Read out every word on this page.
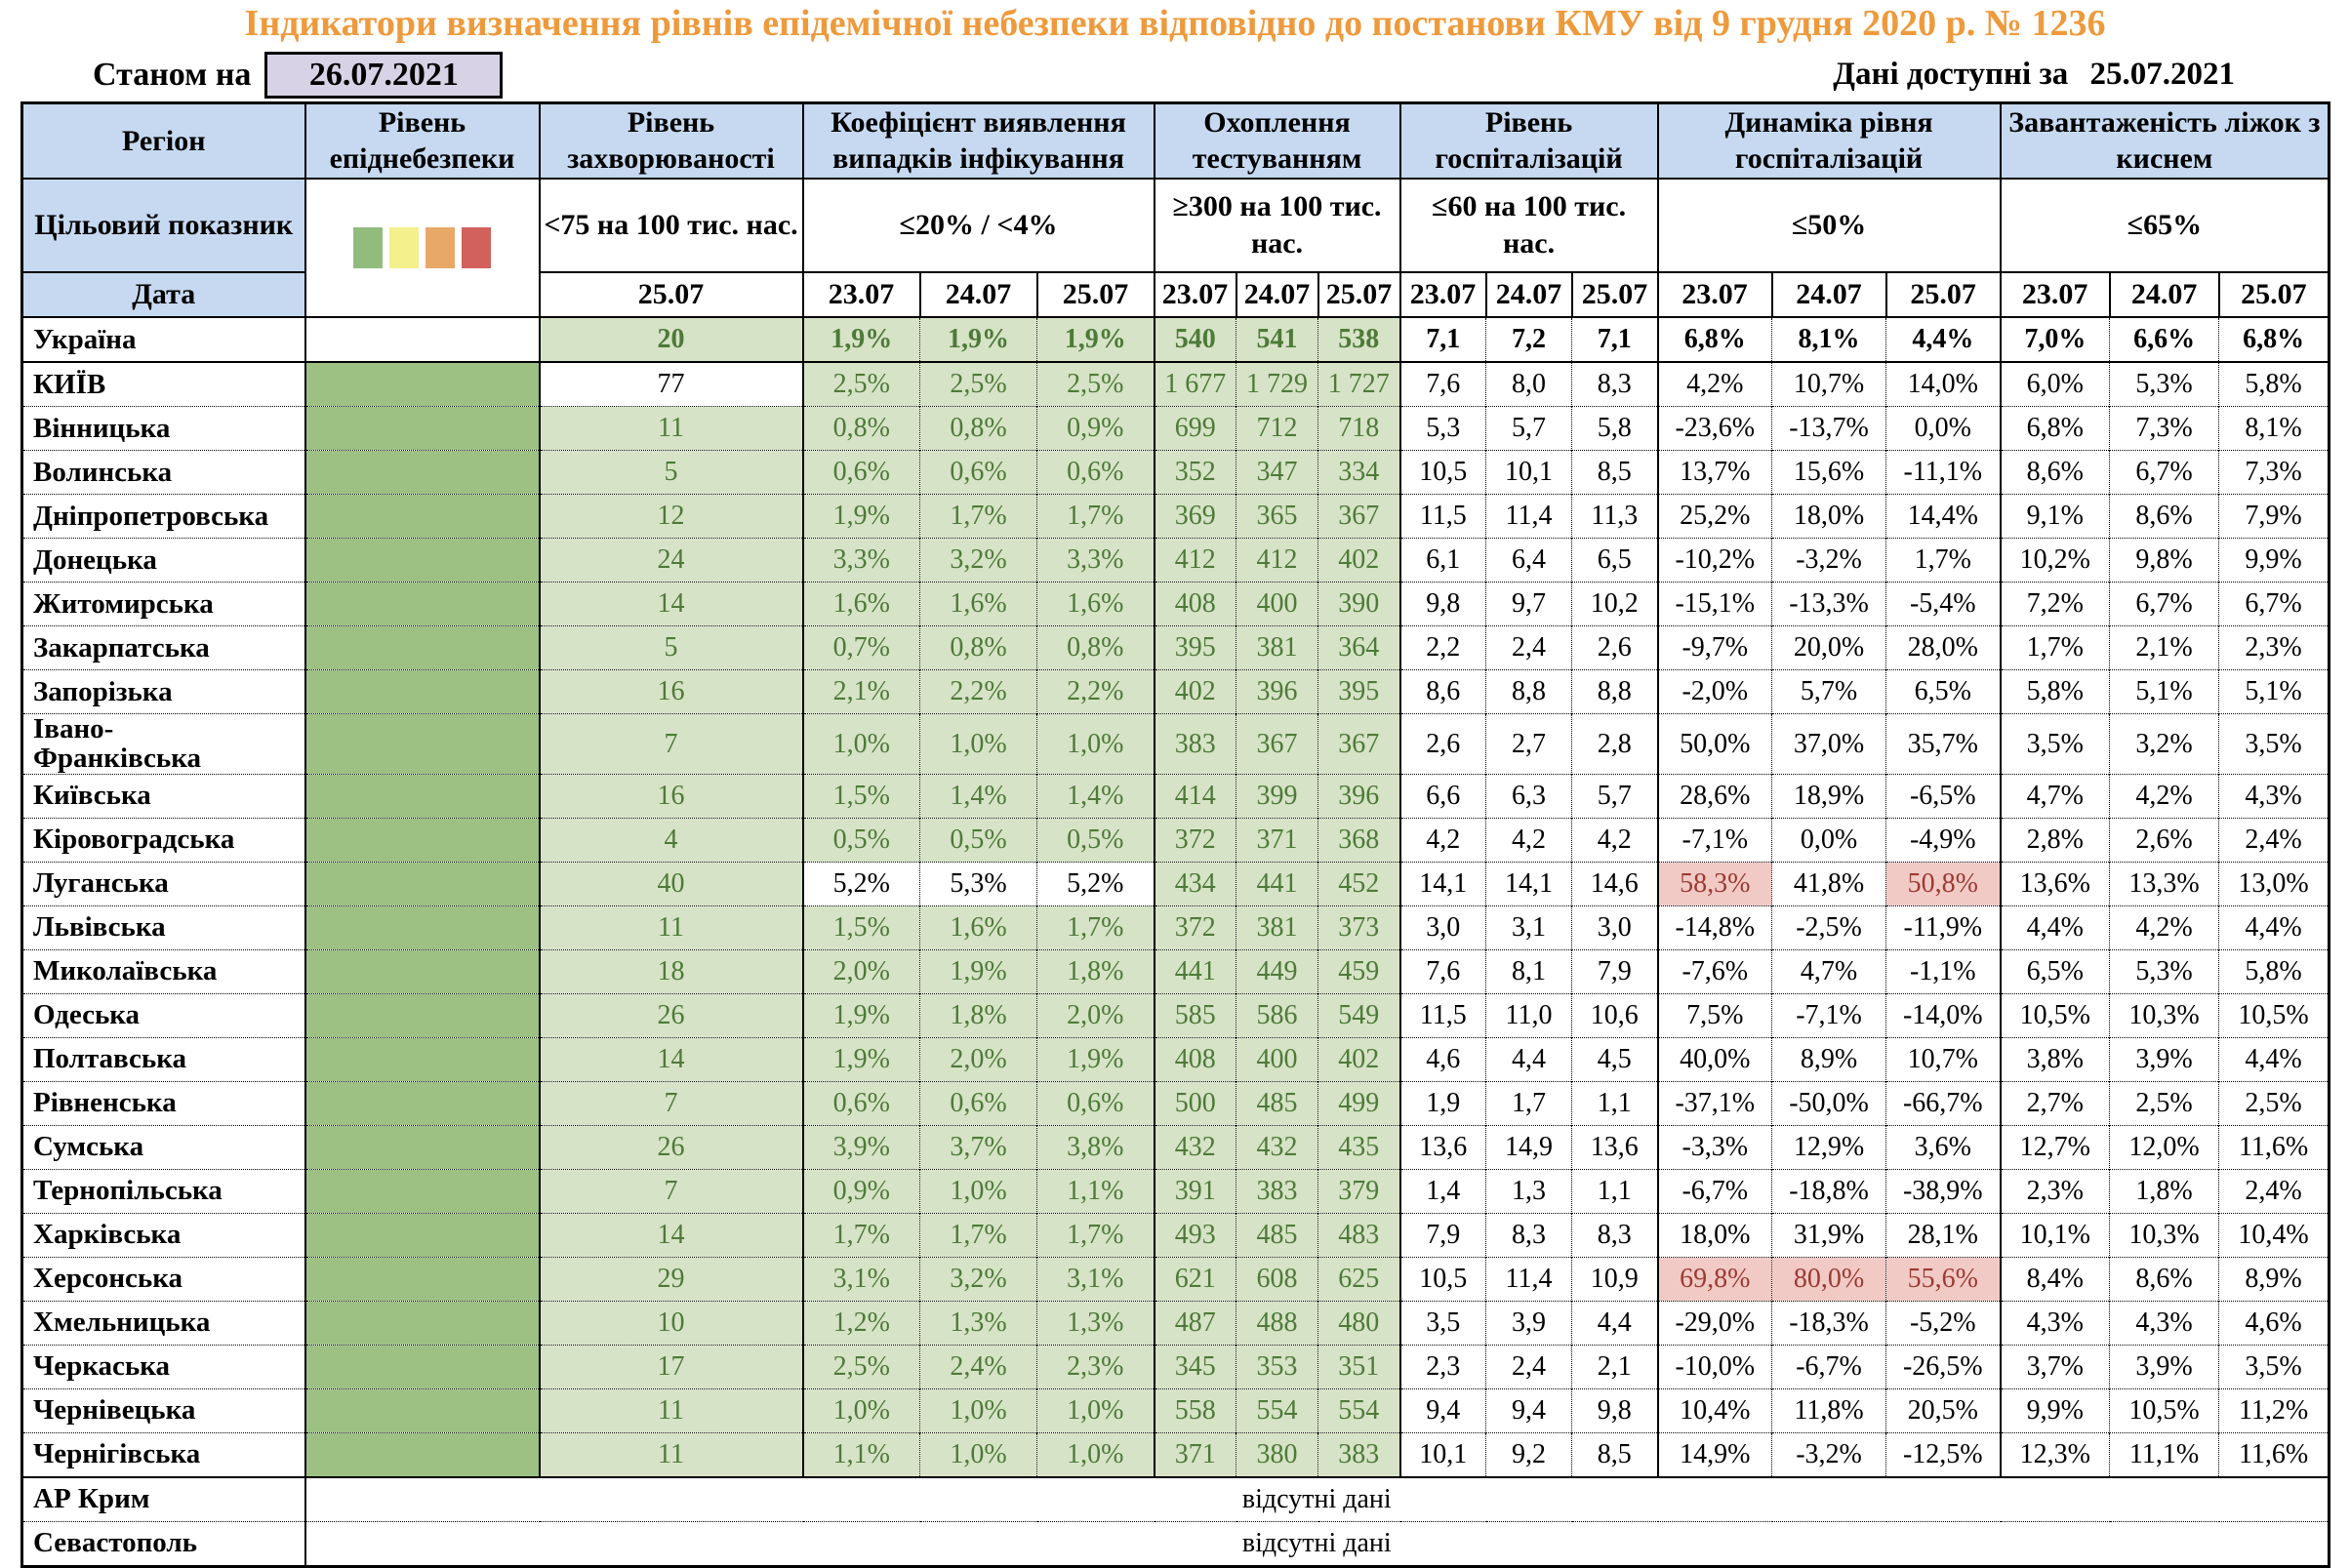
Індикатори визначення рівнів епідемічної небезпеки відповідно до постанови КМУ від 9 грудня 2020 р. № 1236
Станом на	26.07.2021	Дані доступні за 25.07.2021
Регіон	Рівень епіднебезпеки	Рівень захворюваності	Коефіцієнт виявлення випадків інфікування			Охоплення тестуванням			Рівень госпіталізацій			Динаміка рівня госпіталізацій			Завантаженість ліжок з киснем		
Цільовий показник		<75 на 100 тис. нас.	≤20% / <4%			≥300 на 100 тис. нас.			≤60 на 100 тис. нас.			≤50%			≤65%		
Дата		25.07	23.07	24.07	25.07	23.07	24.07	25.07	23.07	24.07	25.07	23.07	24.07	25.07	23.07	24.07	25.07
Україна		20	1,9%	1,9%	1,9%	540	541	538	7,1	7,2	7,1	6,8%	8,1%	4,4%	7,0%	6,6%	6,8%
КИЇВ		77	2,5%	2,5%	2,5%	1 677	1 729	1 727	7,6	8,0	8,3	4,2%	10,7%	14,0%	6,0%	5,3%	5,8%
Вінницька		11	0,8%	0,8%	0,9%	699	712	718	5,3	5,7	5,8	-23,6%	-13,7%	0,0%	6,8%	7,3%	8,1%
Волинська		5	0,6%	0,6%	0,6%	352	347	334	10,5	10,1	8,5	13,7%	15,6%	-11,1%	8,6%	6,7%	7,3%
Дніпропетровська		12	1,9%	1,7%	1,7%	369	365	367	11,5	11,4	11,3	25,2%	18,0%	14,4%	9,1%	8,6%	7,9%
Донецька		24	3,3%	3,2%	3,3%	412	412	402	6,1	6,4	6,5	-10,2%	-3,2%	1,7%	10,2%	9,8%	9,9%
Житомирська		14	1,6%	1,6%	1,6%	408	400	390	9,8	9,7	10,2	-15,1%	-13,3%	-5,4%	7,2%	6,7%	6,7%
Закарпатська		5	0,7%	0,8%	0,8%	395	381	364	2,2	2,4	2,6	-9,7%	20,0%	28,0%	1,7%	2,1%	2,3%
Запорізька		16	2,1%	2,2%	2,2%	402	396	395	8,6	8,8	8,8	-2,0%	5,7%	6,5%	5,8%	5,1%	5,1%
Івано-
Франківська		7	1,0%	1,0%	1,0%	383	367	367	2,6	2,7	2,8	50,0%	37,0%	35,7%	3,5%	3,2%	3,5%
Київська		16	1,5%	1,4%	1,4%	414	399	396	6,6	6,3	5,7	28,6%	18,9%	-6,5%	4,7%	4,2%	4,3%
Кіровоградська		4	0,5%	0,5%	0,5%	372	371	368	4,2	4,2	4,2	-7,1%	0,0%	-4,9%	2,8%	2,6%	2,4%
Луганська		40	5,2%	5,3%	5,2%	434	441	452	14,1	14,1	14,6	58,3%	41,8%	50,8%	13,6%	13,3%	13,0%
Львівська		11	1,5%	1,6%	1,7%	372	381	373	3,0	3,1	3,0	-14,8%	-2,5%	-11,9%	4,4%	4,2%	4,4%
Миколаївська		18	2,0%	1,9%	1,8%	441	449	459	7,6	8,1	7,9	-7,6%	4,7%	-1,1%	6,5%	5,3%	5,8%
Одеська		26	1,9%	1,8%	2,0%	585	586	549	11,5	11,0	10,6	7,5%	-7,1%	-14,0%	10,5%	10,3%	10,5%
Полтавська		14	1,9%	2,0%	1,9%	408	400	402	4,6	4,4	4,5	40,0%	8,9%	10,7%	3,8%	3,9%	4,4%
Рівненська		7	0,6%	0,6%	0,6%	500	485	499	1,9	1,7	1,1	-37,1%	-50,0%	-66,7%	2,7%	2,5%	2,5%
Сумська		26	3,9%	3,7%	3,8%	432	432	435	13,6	14,9	13,6	-3,3%	12,9%	3,6%	12,7%	12,0%	11,6%
Тернопільська		7	0,9%	1,0%	1,1%	391	383	379	1,4	1,3	1,1	-6,7%	-18,8%	-38,9%	2,3%	1,8%	2,4%
Харківська		14	1,7%	1,7%	1,7%	493	485	483	7,9	8,3	8,3	18,0%	31,9%	28,1%	10,1%	10,3%	10,4%
Херсонська		29	3,1%	3,2%	3,1%	621	608	625	10,5	11,4	10,9	69,8%	80,0%	55,6%	8,4%	8,6%	8,9%
Хмельницька		10	1,2%	1,3%	1,3%	487	488	480	3,5	3,9	4,4	-29,0%	-18,3%	-5,2%	4,3%	4,3%	4,6%
Черкаська		17	2,5%	2,4%	2,3%	345	353	351	2,3	2,4	2,1	-10,0%	-6,7%	-26,5%	3,7%	3,9%	3,5%
Чернівецька		11	1,0%	1,0%	1,0%	558	554	554	9,4	9,4	9,8	10,4%	11,8%	20,5%	9,9%	10,5%	11,2%
Чернігівська		11	1,1%	1,0%	1,0%	371	380	383	10,1	9,2	8,5	14,9%	-3,2%	-12,5%	12,3%	11,1%	11,6%
АР Крим	відсутні дані																
Севастополь	відсутні дані																
